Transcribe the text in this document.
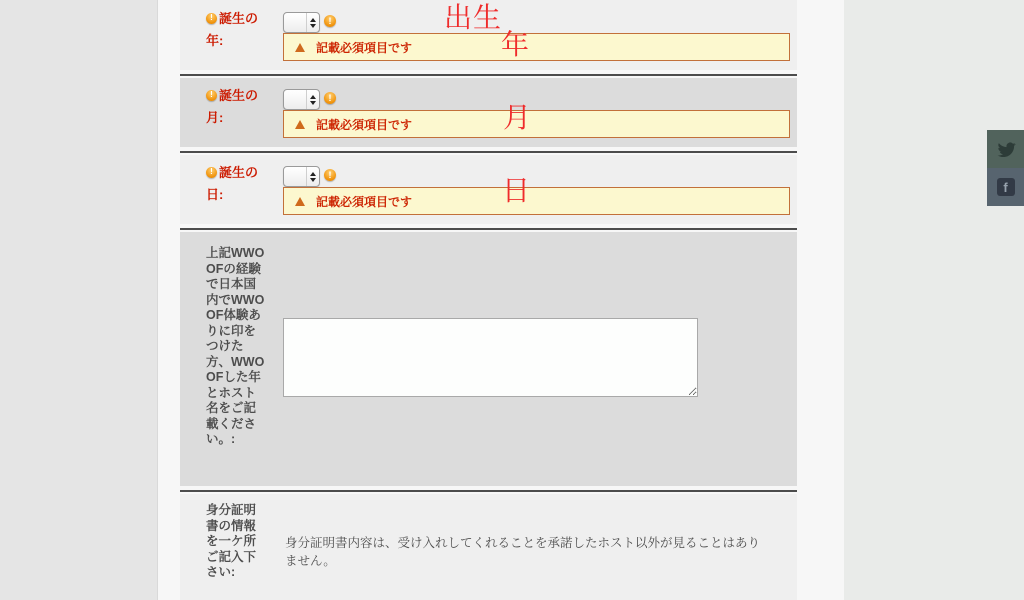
!誕生の年:
!	記載必須項目です
!誕生の月:
!	記載必須項目です
!誕生の日:
!	記載必須項目です
上記WWOOFの経験で日本国内でWWOOF体験ありに印をつけた方、WWOOFした年とホスト名をご記載ください。:
身分証明書の情報を一ケ所ご記入下さい:
身分証明書内容は、受け入れしてくれることを承諾したホスト以外が見ることはありません。
出生
年
月
日	f
